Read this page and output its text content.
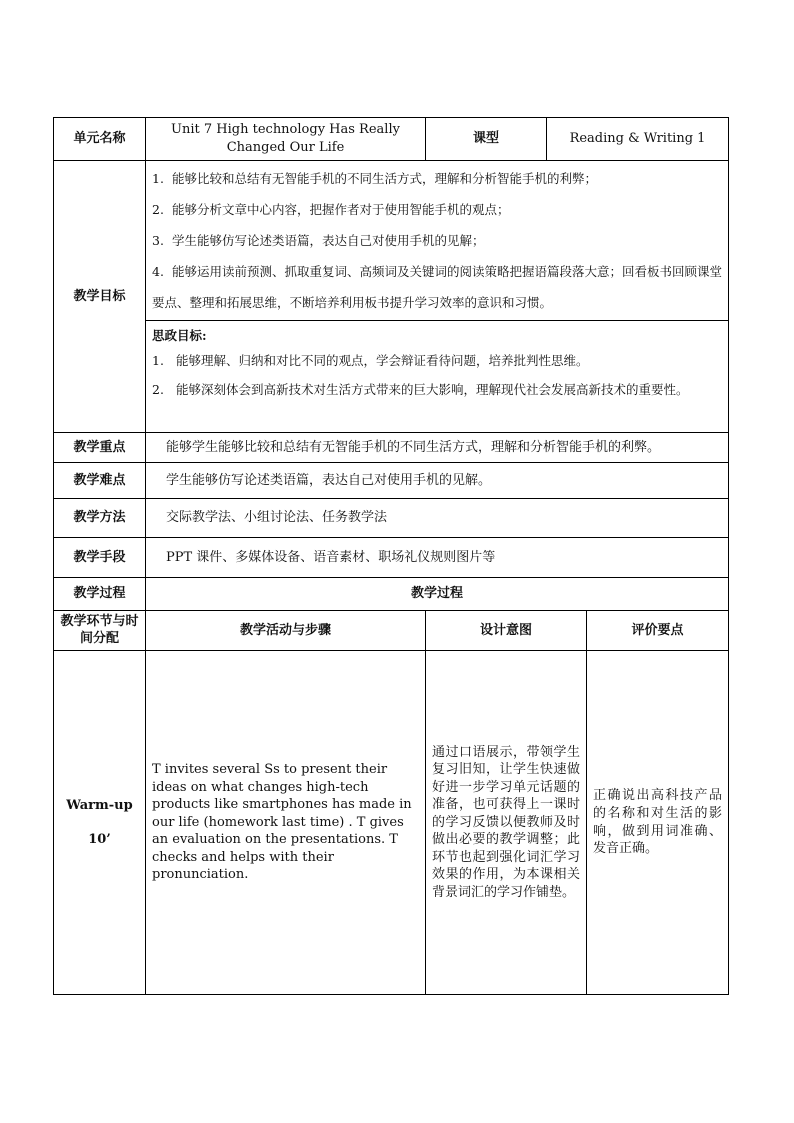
单元名称	Unit 7 High technology Has Really Changed Our Life	课型 Reading & Writing 1	

教学目标	1. 能够比较和总结有无智能手机的不同生活方式，理解和分析智能手机的利弊；
2. 能够分析文章中心内容，把握作者对于使用智能手机的观点；
3. 学生能够仿写论述类语篇，表达自己对使用手机的见解；
4. 能够运用读前预测、抓取重复词、高频词及关键词的阅读策略把握语篇段落大意；回看板书回顾课堂要点、整理和拓展思维，不断培养利用板书提升学习效率的意识和习惯。		

	思政目标:
1. 能够理解、归纳和对比不同的观点，学会辩证看待问题，培养批判性思维。
2. 能够深刻体会到高新技术对生活方式带来的巨大影响，理解现代社会发展高新技术的重要性。		

教学重点	能够学生能够比较和总结有无智能手机的不同生活方式，理解和分析智能手机的利弊。		
教学难点	学生能够仿写论述类语篇，表达自己对使用手机的见解。		
教学方法	交际教学法、小组讨论法、任务教学法		
教学手段	PPT 课件、多媒体设备、语音素材、职场礼仪规则图片等		
教学过程	教学过程		
教学环节与时间分配	教学活动与步骤	设计意图	评价要点

Warm-up
10’	T invites several Ss to present their ideas on what changes high-tech products like smartphones has made in our life (homework last time) . T gives an evaluation on the presentations. T checks and helps with their pronunciation.	通过口语展示，带领学生复习旧知，让学生快速做好进一步学习单元话题的准备，也可获得上一课时的学习反馈以便教师及时做出必要的教学调整；此环节也起到强化词汇学习效果的作用，为本课相关背景词汇的学习作铺垫。	正确说出高科技产品的名称和对生活的影响，做到用词准确、发音正确。
